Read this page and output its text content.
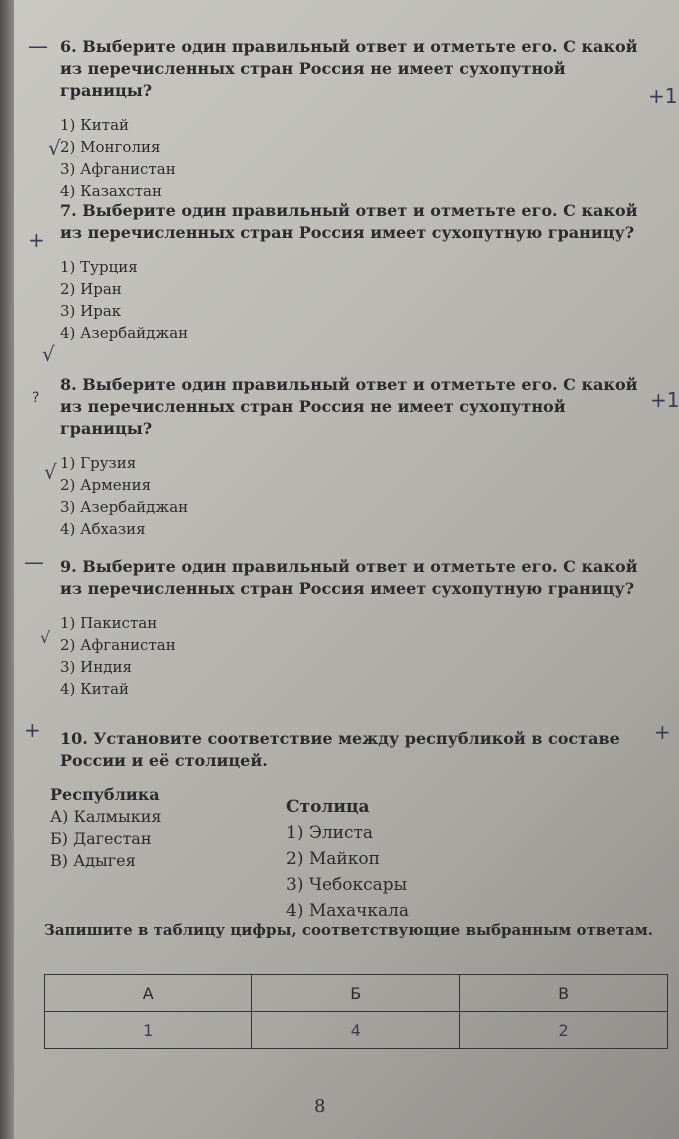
6. Выберите один правильный ответ и отметьте его. С какой из перечисленных стран Россия не имеет сухопутной границы?

1) Китай
2) Монголия
3) Афганистан
4) Казахстан
—
+1
√

7. Выберите один правильный ответ и отметьте его. С какой из перечисленных стран Россия имеет сухопутную границу?

1) Турция
2) Иран
3) Ирак
4) Азербайджан
+
√

8. Выберите один правильный ответ и отметьте его. С какой из перечисленных стран Россия не имеет сухопутной границы?

1) Грузия
2) Армения
3) Азербайджан
4) Абхазия
?	+1
√

9. Выберите один правильный ответ и отметьте его. С какой из перечисленных стран Россия имеет сухопутную границу?

1) Пакистан
2) Афганистан
3) Индия
4) Китай
—
√

10. Установите соответствие между республикой в составе России и её столицей.

+	+
Республика
А) Калмыкия
Б) Дагестан
В) Адыгея
Столица
1) Элиста
2) Майкоп
3) Чебоксары
4) Махачкала
Запишите в таблицу цифры, соответствующие выбранным ответам.
А	Б	В
1	4	2
8
